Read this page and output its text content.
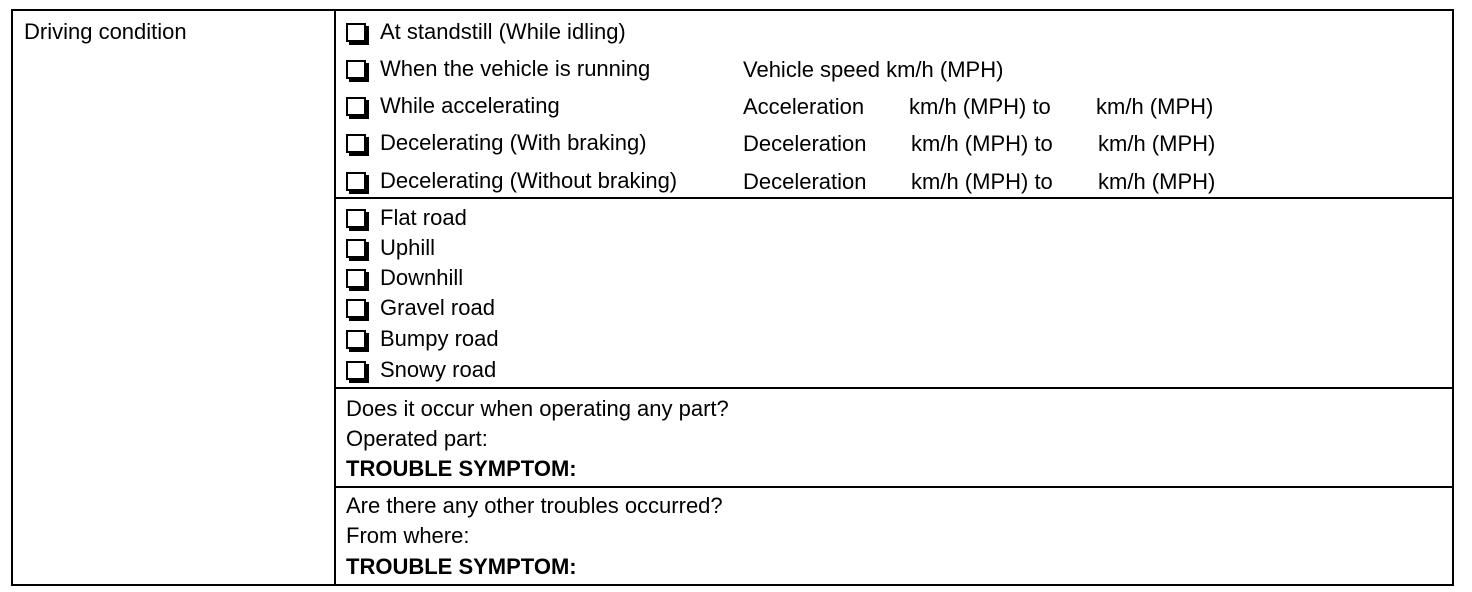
Driving condition	At standstill (While idling)
When the vehicle is running	Vehicle speed km/h (MPH)
While accelerating	Acceleration km/h (MPH) to km/h (MPH)
Decelerating (With braking)	Deceleration km/h (MPH) to km/h (MPH)
Decelerating (Without braking)	Deceleration km/h (MPH) to km/h (MPH)
Flat road
Uphill
Downhill
Gravel road
Bumpy road
Snowy road
Does it occur when operating any part?
Operated part:
TROUBLE SYMPTOM:
Are there any other troubles occurred?
From where:
TROUBLE SYMPTOM:
